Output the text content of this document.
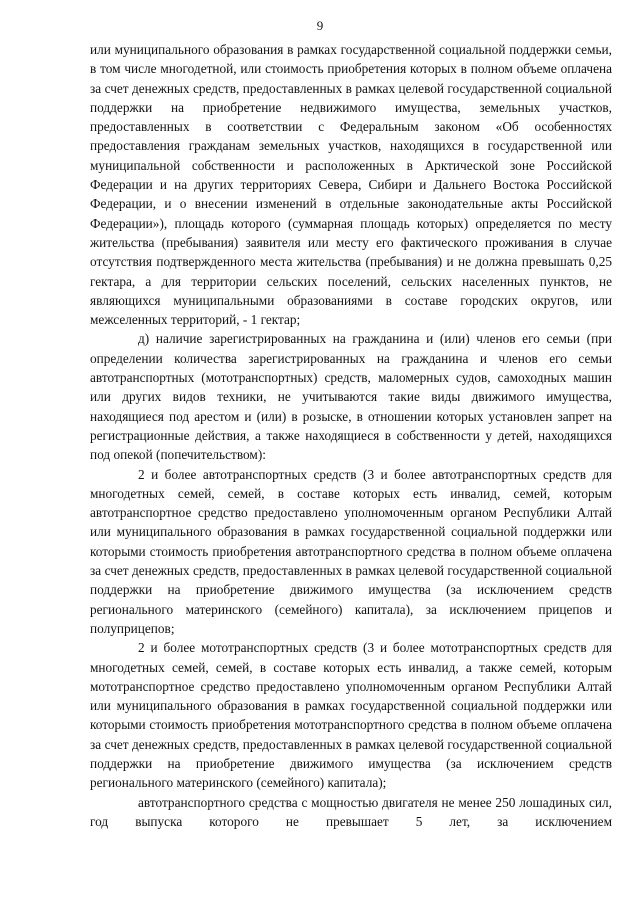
9

или муниципального образования в рамках государственной социальной поддержки семьи, в том числе многодетной, или стоимость приобретения которых в полном объеме оплачена за счет денежных средств, предоставленных в рамках целевой государственной социальной поддержки на приобретение недвижимого имущества, земельных участков, предоставленных в соответствии с Федеральным законом «Об особенностях предоставления гражданам земельных участков, находящихся в государственной или муниципальной собственности и расположенных в Арктической зоне Российской Федерации и на других территориях Севера, Сибири и Дальнего Востока Российской Федерации, и о внесении изменений в отдельные законодательные акты Российской Федерации»), площадь которого (суммарная площадь которых) определяется по месту жительства (пребывания) заявителя или месту его фактического проживания в случае отсутствия подтвержденного места жительства (пребывания) и не должна превышать 0,25 гектара, а для территории сельских поселений, сельских населенных пунктов, не являющихся муниципальными образованиями в составе городских округов, или межселенных территорий, - 1 гектар;

д) наличие зарегистрированных на гражданина и (или) членов его семьи (при определении количества зарегистрированных на гражданина и членов его семьи автотранспортных (мототранспортных) средств, маломерных судов, самоходных машин или других видов техники, не учитываются такие виды движимого имущества, находящиеся под арестом и (или) в розыске, в отношении которых установлен запрет на регистрационные действия, а также находящиеся в собственности у детей, находящихся под опекой (попечительством):

2 и более автотранспортных средств (3 и более автотранспортных средств для многодетных семей, семей, в составе которых есть инвалид, семей, которым автотранспортное средство предоставлено уполномоченным органом Республики Алтай или муниципального образования в рамках государственной социальной поддержки или которыми стоимость приобретения автотранспортного средства в полном объеме оплачена за счет денежных средств, предоставленных в рамках целевой государственной социальной поддержки на приобретение движимого имущества (за исключением средств регионального материнского (семейного) капитала), за исключением прицепов и полуприцепов;

2 и более мототранспортных средств (3 и более мототранспортных средств для многодетных семей, семей, в составе которых есть инвалид, а также семей, которым мототранспортное средство предоставлено уполномоченным органом Республики Алтай или муниципального образования в рамках государственной социальной поддержки или которыми стоимость приобретения мототранспортного средства в полном объеме оплачена за счет денежных средств, предоставленных в рамках целевой государственной социальной поддержки на приобретение движимого имущества (за исключением средств регионального материнского (семейного) капитала);

автотранспортного средства с мощностью двигателя не менее 250 лошадиных сил, год выпуска которого не превышает 5 лет, за исключением
